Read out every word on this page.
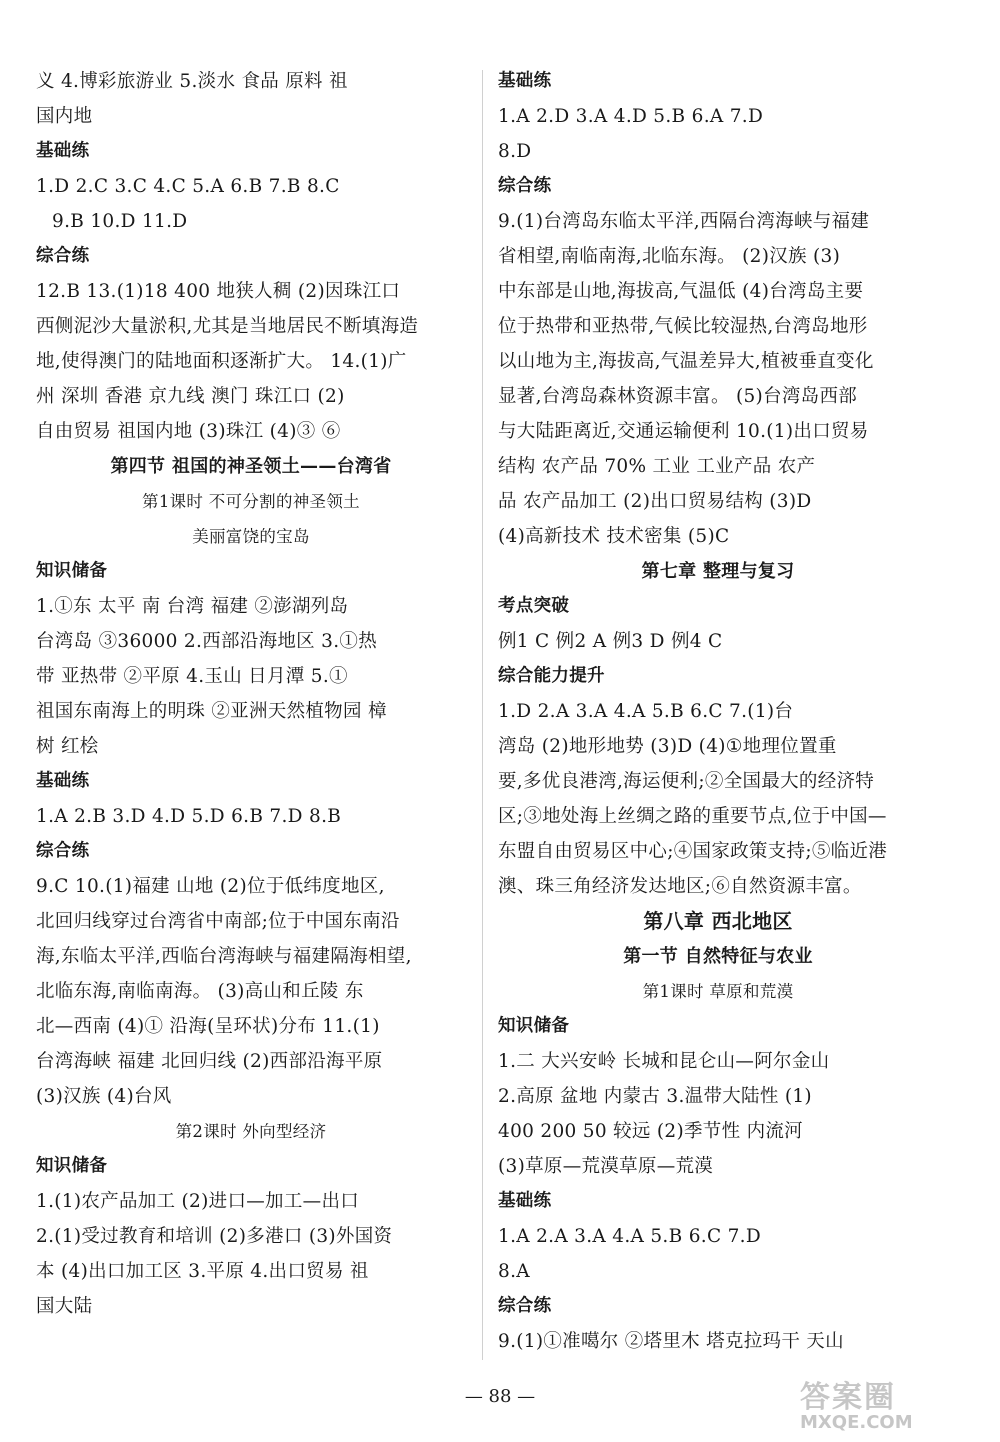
义 4.博彩旅游业 5.淡水 食品 原料 祖
国内地
基础练
1.D 2.C 3.C 4.C 5.A 6.B 7.B 8.C
9.B 10.D 11.D
综合练
12.B 13.(1)18 400 地狭人稠 (2)因珠江口
西侧泥沙大量淤积,尤其是当地居民不断填海造
地,使得澳门的陆地面积逐渐扩大。 14.(1)广
州 深圳 香港 京九线 澳门 珠江口 (2)
自由贸易 祖国内地 (3)珠江 (4)③ ⑥
第四节 祖国的神圣领土——台湾省
第1课时 不可分割的神圣领土
美丽富饶的宝岛
知识储备
1.①东 太平 南 台湾 福建 ②澎湖列岛
台湾岛 ③36000 2.西部沿海地区 3.①热
带 亚热带 ②平原 4.玉山 日月潭 5.①
祖国东南海上的明珠 ②亚洲天然植物园 樟
树 红桧
基础练
1.A 2.B 3.D 4.D 5.D 6.B 7.D 8.B
综合练
9.C 10.(1)福建 山地 (2)位于低纬度地区,
北回归线穿过台湾省中南部;位于中国东南沿
海,东临太平洋,西临台湾海峡与福建隔海相望,
北临东海,南临南海。 (3)高山和丘陵 东
北—西南 (4)① 沿海(呈环状)分布 11.(1)
台湾海峡 福建 北回归线 (2)西部沿海平原
(3)汉族 (4)台风
第2课时 外向型经济
知识储备
1.(1)农产品加工 (2)进口—加工—出口
2.(1)受过教育和培训 (2)多港口 (3)外国资
本 (4)出口加工区 3.平原 4.出口贸易 祖
国大陆
基础练
1.A 2.D 3.A 4.D 5.B 6.A 7.D
8.D
综合练
9.(1)台湾岛东临太平洋,西隔台湾海峡与福建
省相望,南临南海,北临东海。 (2)汉族 (3)
中东部是山地,海拔高,气温低 (4)台湾岛主要
位于热带和亚热带,气候比较湿热,台湾岛地形
以山地为主,海拔高,气温差异大,植被垂直变化
显著,台湾岛森林资源丰富。 (5)台湾岛西部
与大陆距离近,交通运输便利 10.(1)出口贸易
结构 农产品 70% 工业 工业产品 农产
品 农产品加工 (2)出口贸易结构 (3)D
(4)高新技术 技术密集 (5)C
第七章 整理与复习
考点突破
例1 C 例2 A 例3 D 例4 C
综合能力提升
1.D 2.A 3.A 4.A 5.B 6.C 7.(1)台
湾岛 (2)地形地势 (3)D (4)①地理位置重
要,多优良港湾,海运便利;②全国最大的经济特
区;③地处海上丝绸之路的重要节点,位于中国—
东盟自由贸易区中心;④国家政策支持;⑤临近港
澳、珠三角经济发达地区;⑥自然资源丰富。
第八章 西北地区
第一节 自然特征与农业
第1课时 草原和荒漠
知识储备
1.二 大兴安岭 长城和昆仑山—阿尔金山
2.高原 盆地 内蒙古 3.温带大陆性 (1)
400 200 50 较远 (2)季节性 内流河
(3)草原—荒漠草原—荒漠
基础练
1.A 2.A 3.A 4.A 5.B 6.C 7.D
8.A
综合练
9.(1)①准噶尔 ②塔里木 塔克拉玛干 天山
— 88 —	答案圈
MXQE.COM
